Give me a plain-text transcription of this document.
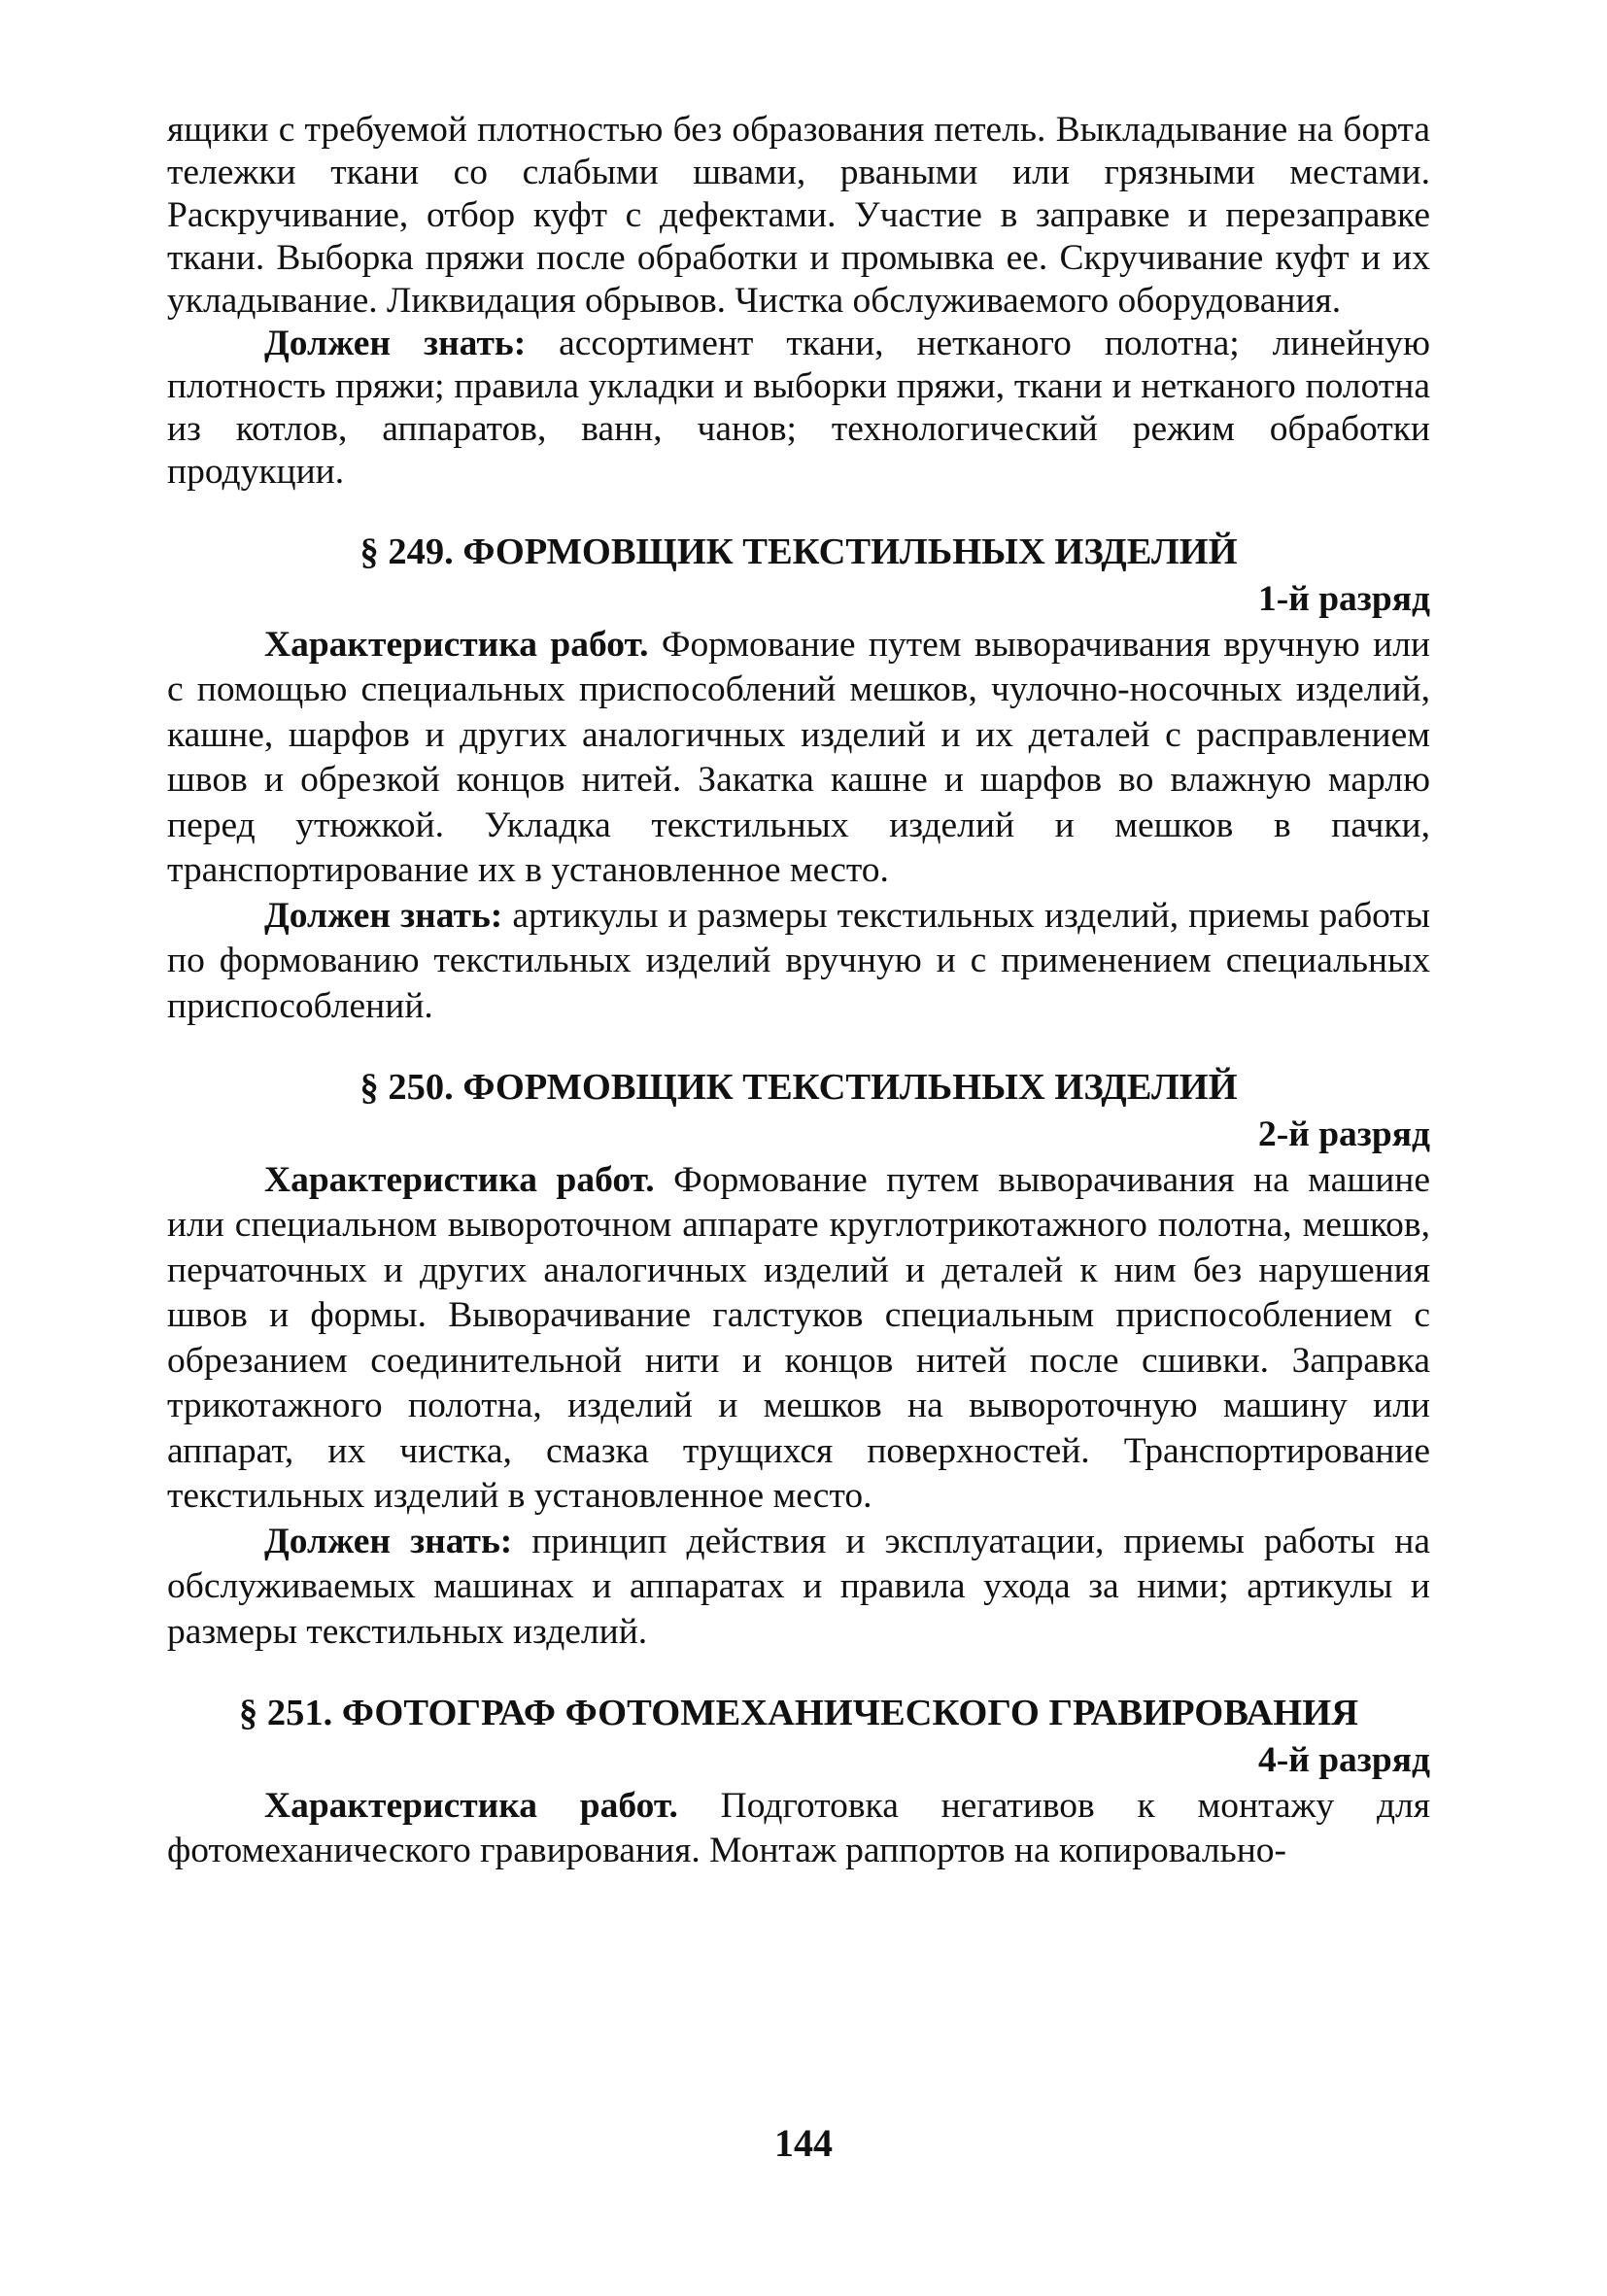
ящики с требуемой плотностью без образования петель. Выкладывание на борта тележки ткани со слабыми швами, рваными или грязными местами. Раскручивание, отбор куфт с дефектами. Участие в заправке и перезаправке ткани. Выборка пряжи после обработки и промывка ее. Скручивание куфт и их укладывание. Ликвидация обрывов. Чистка обслуживаемого оборудования.

Должен знать: ассортимент ткани, нетканого полотна; линейную плотность пряжи; правила укладки и выборки пряжи, ткани и нетканого полотна из котлов, аппаратов, ванн, чанов; технологический режим обработки продукции.

§ 249. ФОРМОВЩИК ТЕКСТИЛЬНЫХ ИЗДЕЛИЙ
1-й разряд

Характеристика работ. Формование путем выворачивания вручную или с помощью специальных приспособлений мешков, чулочно-носочных изделий, кашне, шарфов и других аналогичных изделий и их деталей с расправлением швов и обрезкой концов нитей. Закатка кашне и шарфов во влажную марлю перед утюжкой. Укладка текстильных изделий и мешков в пачки, транспортирование их в установленное место.

Должен знать: артикулы и размеры текстильных изделий, приемы работы по формованию текстильных изделий вручную и с применением специальных приспособлений.

§ 250. ФОРМОВЩИК ТЕКСТИЛЬНЫХ ИЗДЕЛИЙ
2-й разряд

Характеристика работ. Формование путем выворачивания на машине или специальном вывороточном аппарате круглотрикотажного полотна, мешков, перчаточных и других аналогичных изделий и деталей к ним без нарушения швов и формы. Выворачивание галстуков специальным приспособлением с обрезанием соединительной нити и концов нитей после сшивки. Заправка трикотажного полотна, изделий и мешков на вывороточную машину или аппарат, их чистка, смазка трущихся поверхностей. Транспортирование текстильных изделий в установленное место.

Должен знать: принцип действия и эксплуатации, приемы работы на обслуживаемых машинах и аппаратах и правила ухода за ними; артикулы и размеры текстильных изделий.

§ 251. ФОТОГРАФ ФОТОМЕХАНИЧЕСКОГО ГРАВИРОВАНИЯ
4-й разряд

Характеристика работ. Подготовка негативов к монтажу для фотомеханического гравирования. Монтаж раппортов на копировально-

144
